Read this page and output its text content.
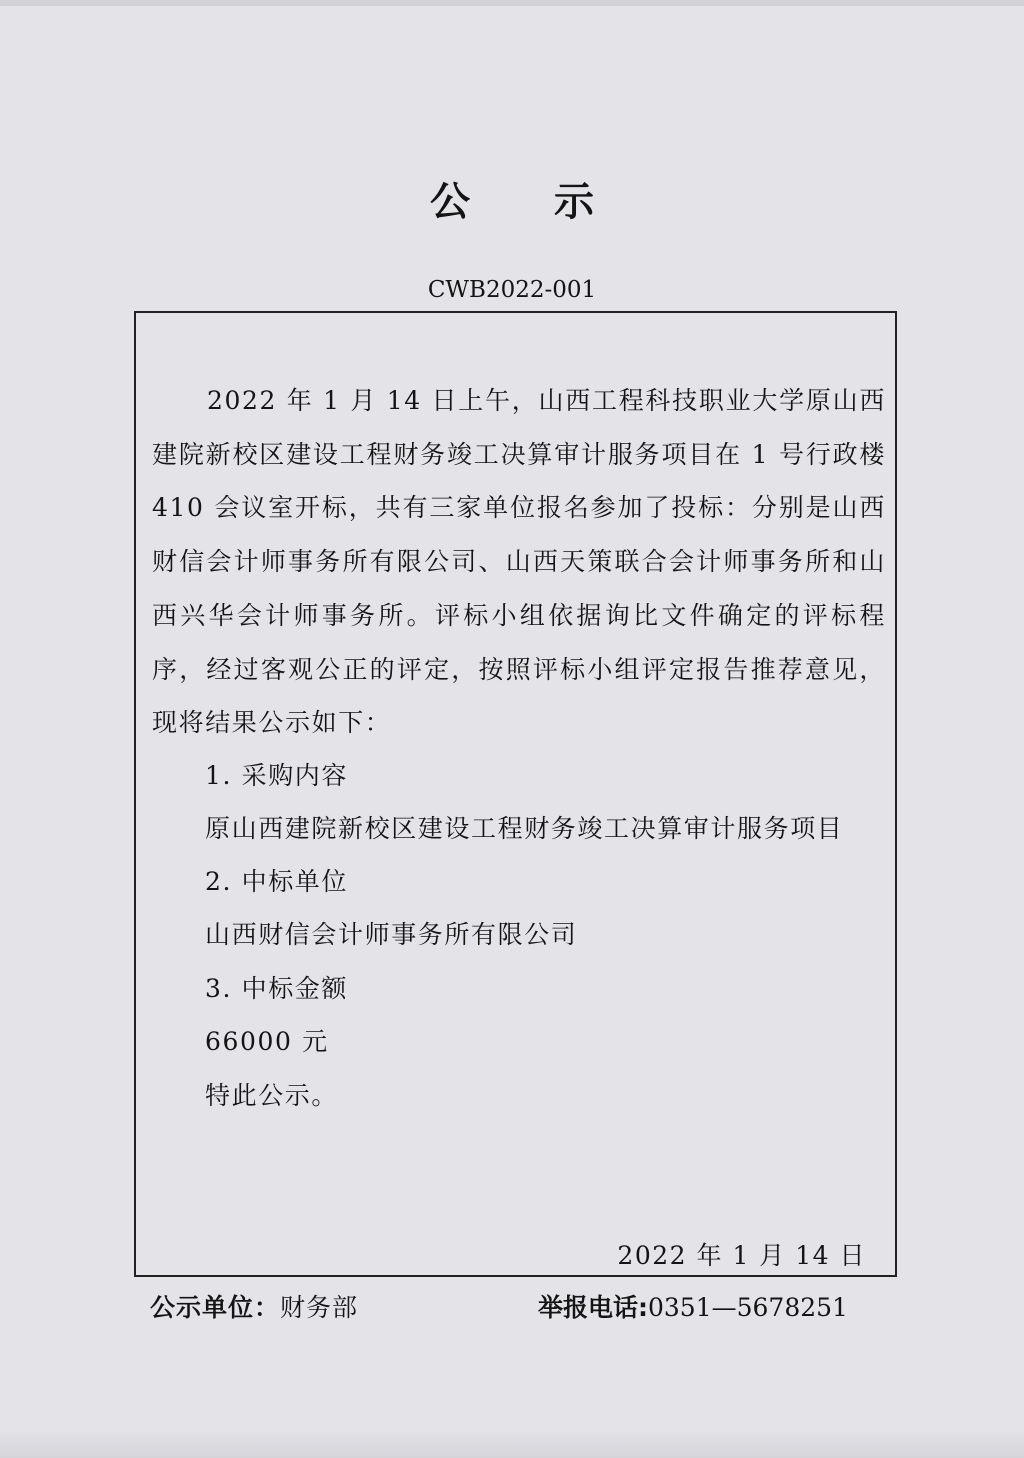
公示
CWB2022-001

2022 年 1 月 14 日上午，山西工程科技职业大学原山西建院新校区建设工程财务竣工决算审计服务项目在 1 号行政楼 410 会议室开标，共有三家单位报名参加了投标：分别是山西财信会计师事务所有限公司、山西天策联合会计师事务所和山西兴华会计师事务所。评标小组依据询比文件确定的评标程序，经过客观公正的评定，按照评标小组评定报告推荐意见，现将结果公示如下：

1. 采购内容

原山西建院新校区建设工程财务竣工决算审计服务项目

2. 中标单位

山西财信会计师事务所有限公司

3. 中标金额

66000 元

特此公示。

2022 年 1 月 14 日
公示单位：财务部	举报电话:0351—5678251
